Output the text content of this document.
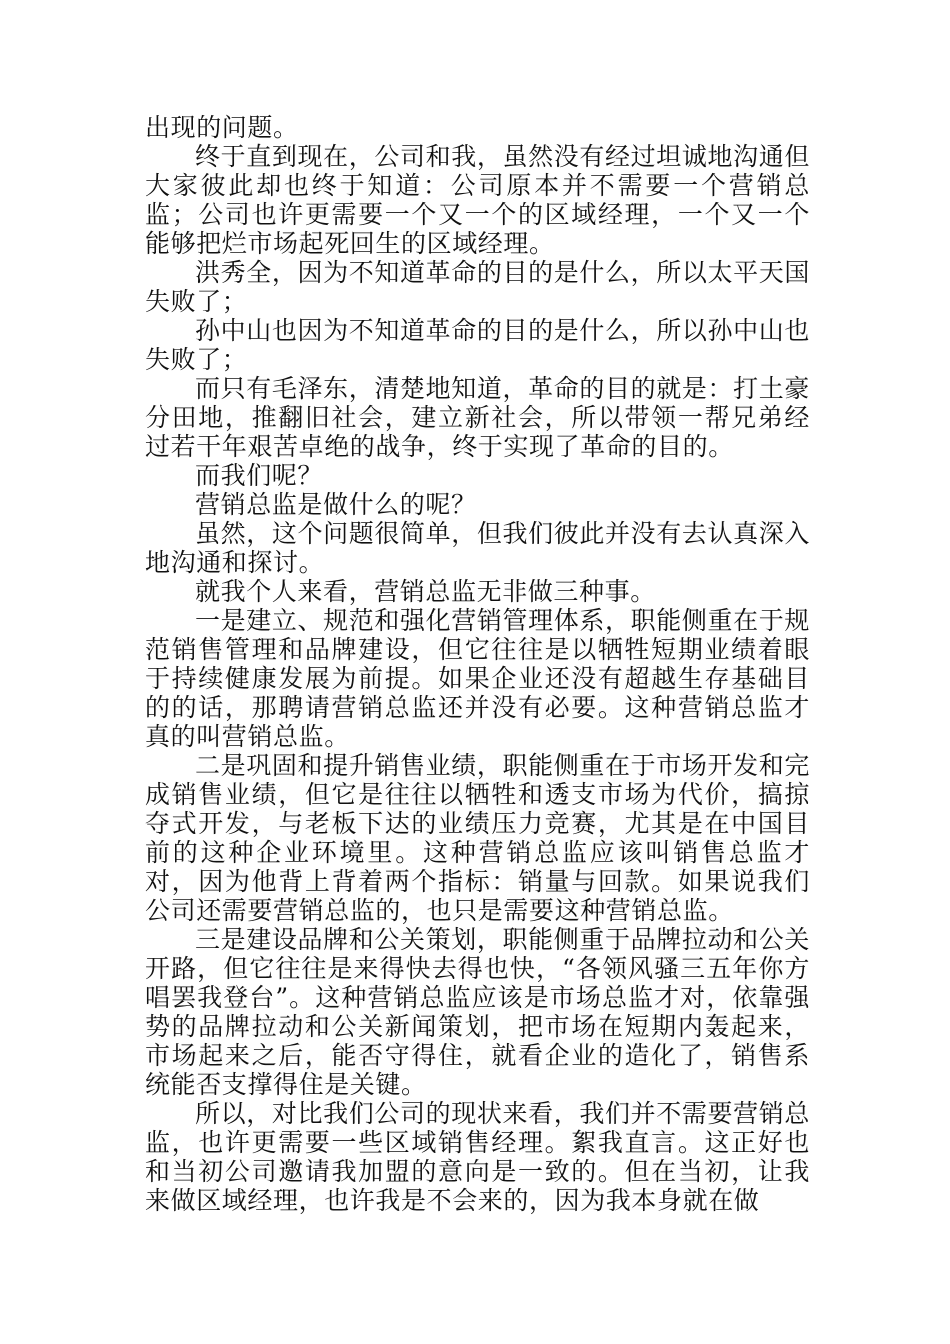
出现的问题。

终于直到现在，公司和我，虽然没有经过坦诚地沟通但大家彼此却也终于知道：公司原本并不需要一个营销总监；公司也许更需要一个又一个的区域经理，一个又一个能够把烂市场起死回生的区域经理。

洪秀全，因为不知道革命的目的是什么，所以太平天国失败了；

孙中山也因为不知道革命的目的是什么，所以孙中山也失败了；

而只有毛泽东，清楚地知道，革命的目的就是：打土豪分田地，推翻旧社会，建立新社会，所以带领一帮兄弟经过若干年艰苦卓绝的战争，终于实现了革命的目的。

而我们呢？

营销总监是做什么的呢？

虽然，这个问题很简单，但我们彼此并没有去认真深入地沟通和探讨。

就我个人来看，营销总监无非做三种事。

一是建立、规范和强化营销管理体系，职能侧重在于规范销售管理和品牌建设，但它往往是以牺牲短期业绩着眼于持续健康发展为前提。如果企业还没有超越生存基础目的的话，那聘请营销总监还并没有必要。这种营销总监才真的叫营销总监。

二是巩固和提升销售业绩，职能侧重在于市场开发和完成销售业绩，但它是往往以牺牲和透支市场为代价，搞掠夺式开发，与老板下达的业绩压力竞赛，尤其是在中国目前的这种企业环境里。这种营销总监应该叫销售总监才对，因为他背上背着两个指标：销量与回款。如果说我们公司还需要营销总监的，也只是需要这种营销总监。

三是建设品牌和公关策划，职能侧重于品牌拉动和公关开路，但它往往是来得快去得也快，“各领风骚三五年你方唱罢我登台”。这种营销总监应该是市场总监才对，依靠强势的品牌拉动和公关新闻策划，把市场在短期内轰起来，市场起来之后，能否守得住，就看企业的造化了，销售系统能否支撑得住是关键。

所以，对比我们公司的现状来看，我们并不需要营销总监，也许更需要一些区域销售经理。絮我直言。这正好也和当初公司邀请我加盟的意向是一致的。但在当初，让我来做区域经理，也许我是不会来的，因为我本身就在做
